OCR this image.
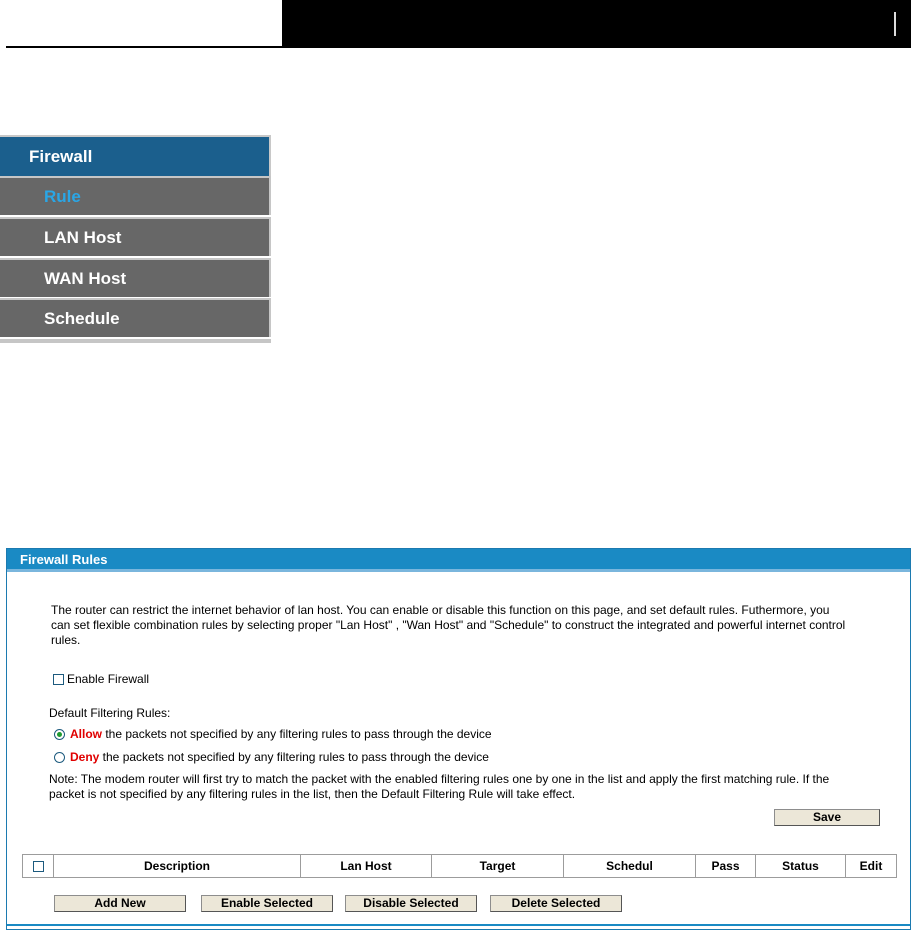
Firewall
Rule
LAN Host
WAN Host
Schedule
Firewall Rules
The router can restrict the internet behavior of lan host. You can enable or disable this function on this page, and set default rules. Futhermore, you
can set flexible combination rules by selecting proper "Lan Host" , "Wan Host" and "Schedule" to construct the integrated and powerful internet control
rules.
Enable Firewall
Default Filtering Rules:
Allow the packets not specified by any filtering rules to pass through the device
Deny the packets not specified by any filtering rules to pass through the device
Note: The modem router will first try to match the packet with the enabled filtering rules one by one in the list and apply the first matching rule. If the
packet is not specified by any filtering rules in the list, then the Default Filtering Rule will take effect.
Save
	Description	Lan Host	Target	Schedul	Pass	Status	Edit
Add New	Enable Selected	Disable Selected	Delete Selected
